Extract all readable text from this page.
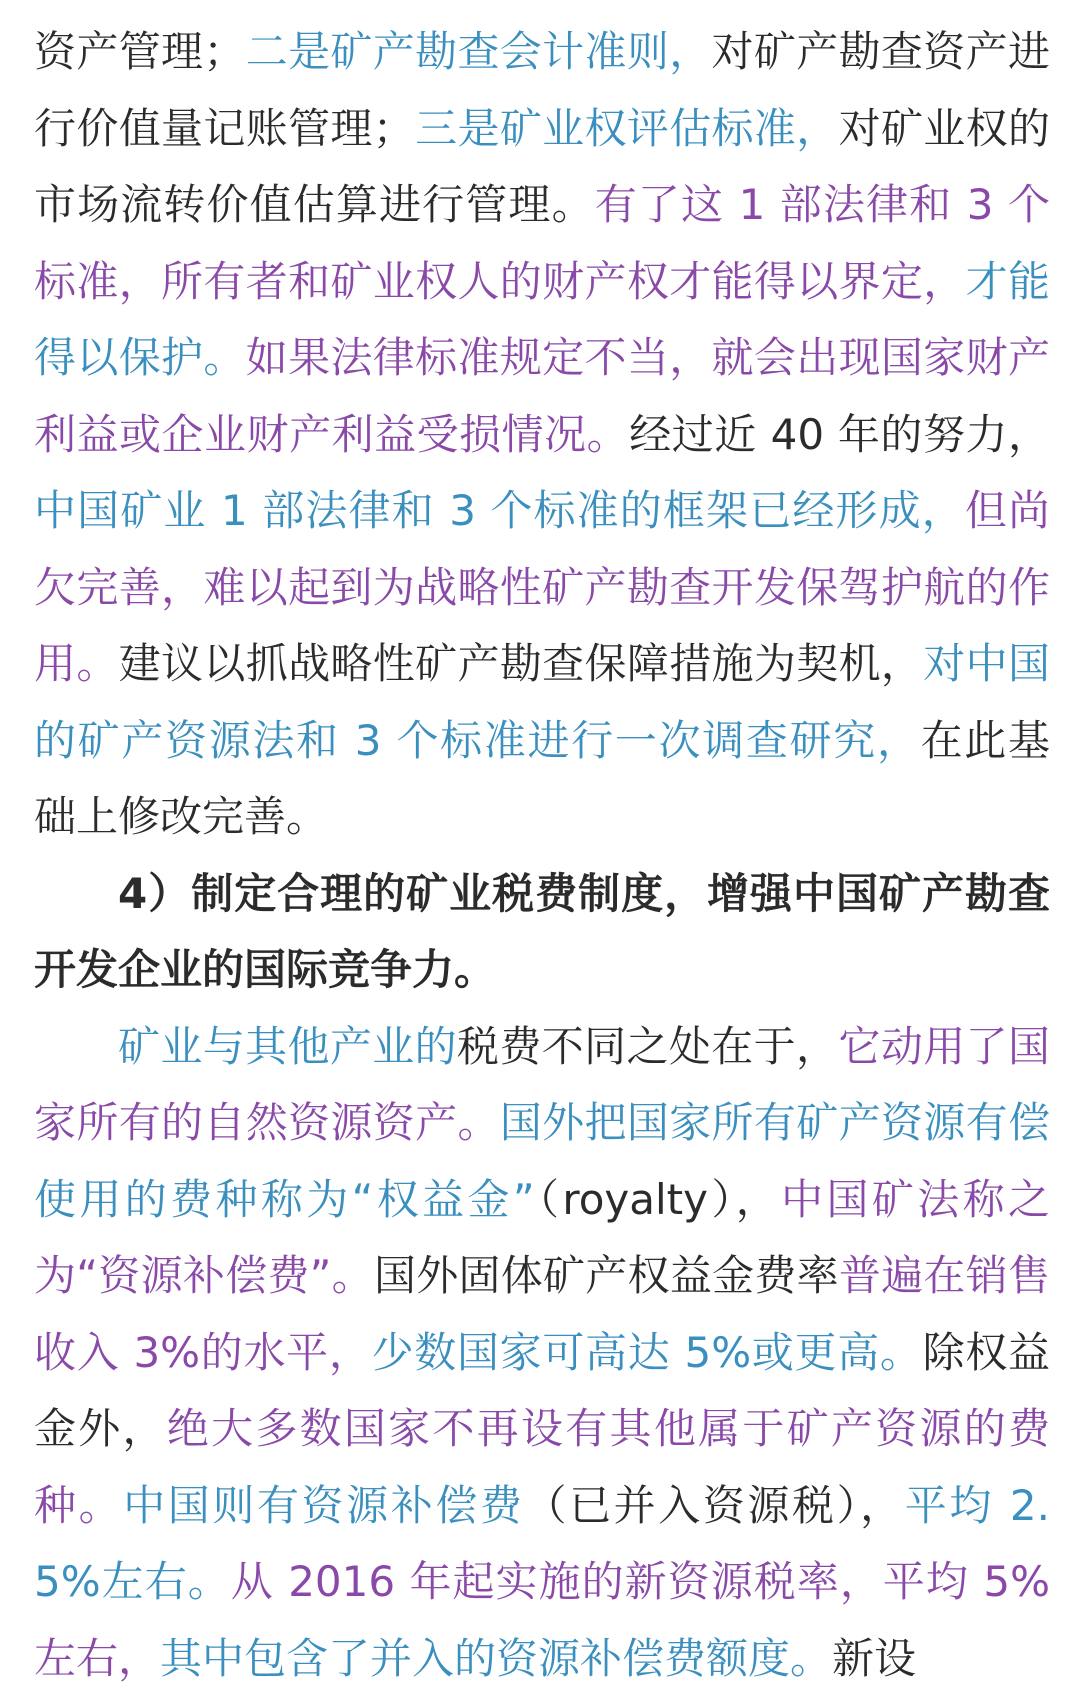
资产管理；二是矿产勘查会计准则，对矿产勘查资产进行价值量记账管理；三是矿业权评估标准，对矿业权的市场流转价值估算进行管理。有了这 1 部法律和 3 个标准，所有者和矿业权人的财产权才能得以界定，才能得以保护。如果法律标准规定不当，就会出现国家财产利益或企业财产利益受损情况。经过近 40 年的努力，中国矿业 1 部法律和 3 个标准的框架已经形成，但尚欠完善，难以起到为战略性矿产勘查开发保驾护航的作用。建议以抓战略性矿产勘查保障措施为契机，对中国的矿产资源法和 3 个标准进行一次调查研究，在此基础上修改完善。

4）制定合理的矿业税费制度，增强中国矿产勘查开发企业的国际竞争力。

矿业与其他产业的税费不同之处在于，它动用了国家所有的自然资源资产。国外把国家所有矿产资源有偿使用的费种称为“权益金”（royalty），中国矿法称之为“资源补偿费”。国外固体矿产权益金费率普遍在销售收入 3%的水平，少数国家可高达 5%或更高。除权益金外，绝大多数国家不再设有其他属于矿产资源的费种。中国则有资源补偿费（已并入资源税），平均 2.5%左右。从 2016 年起实施的新资源税率，平均 5%左右，其中包含了并入的资源补偿费额度。新设
